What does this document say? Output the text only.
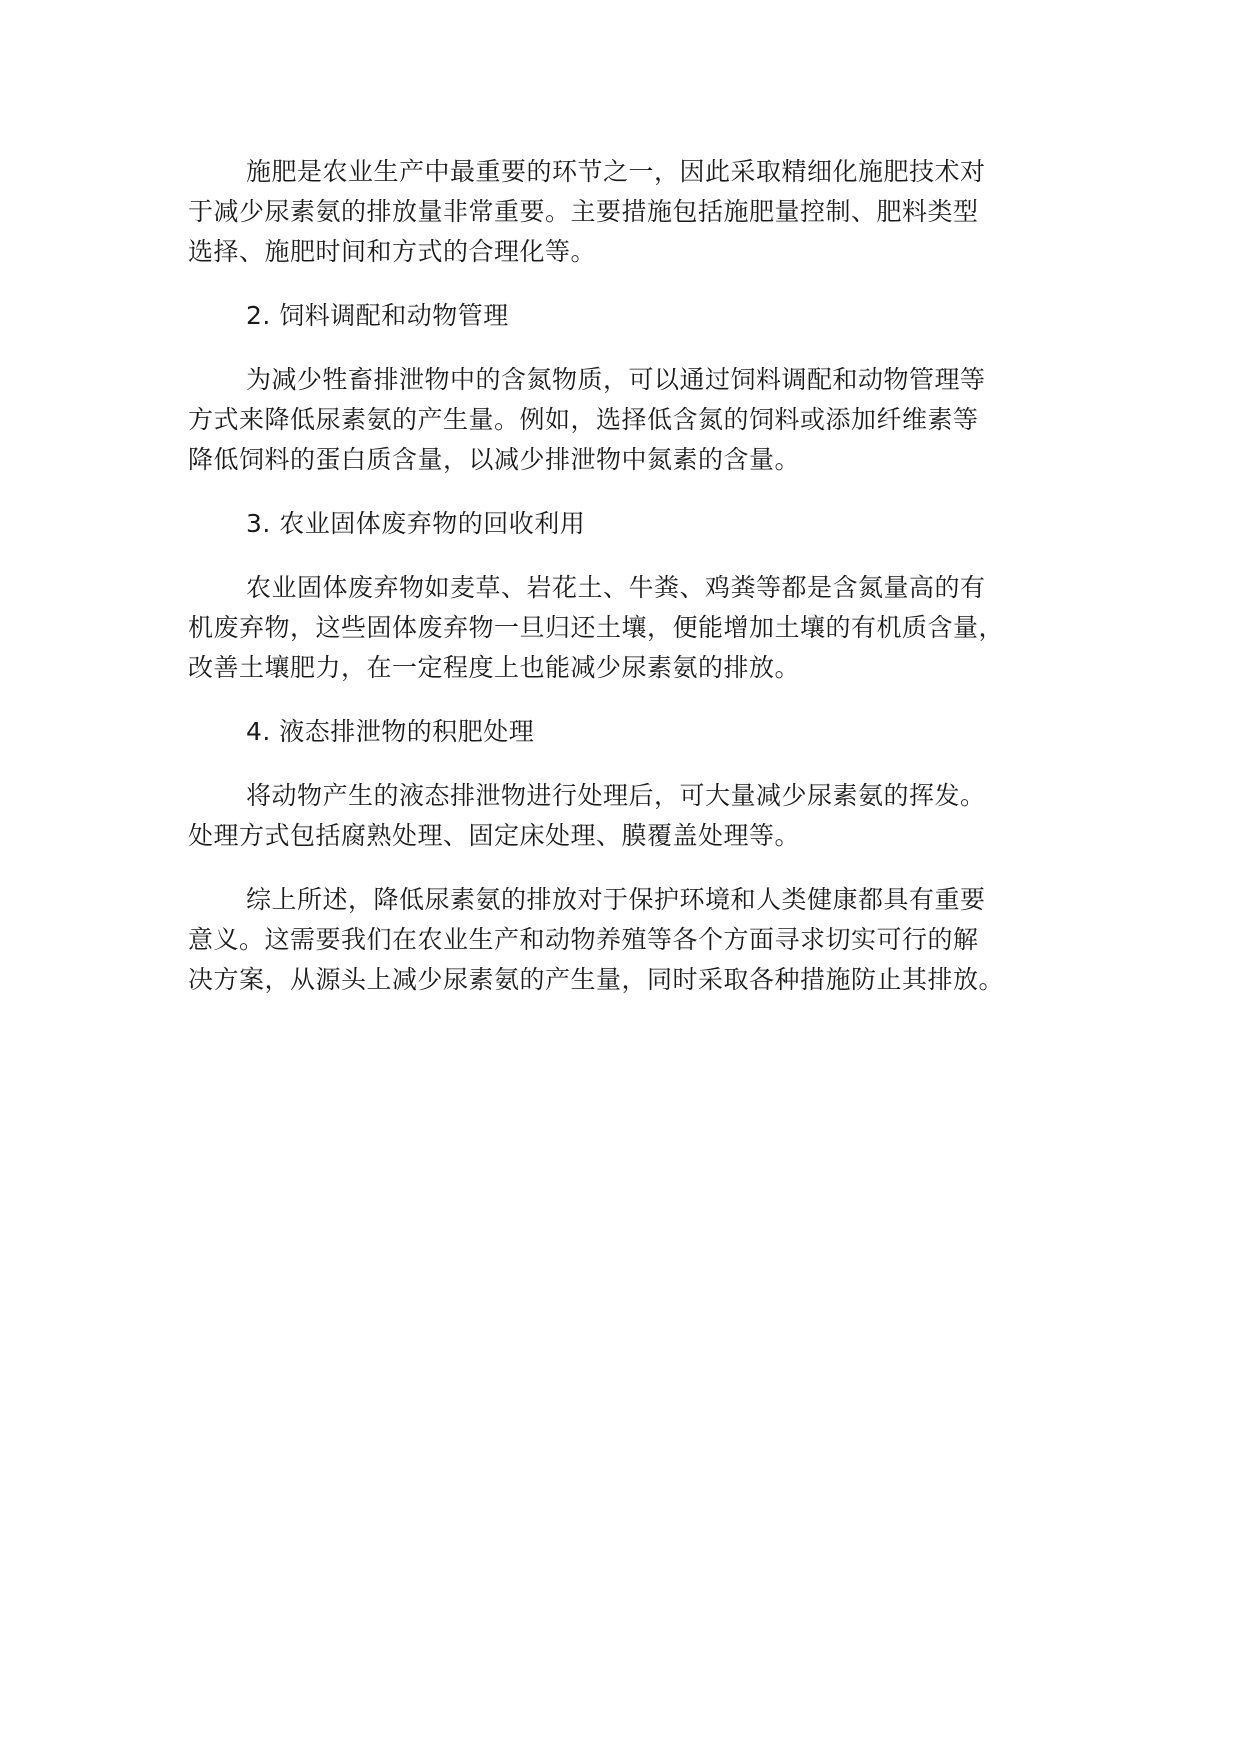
施肥是农业生产中最重要的环节之一，因此采取精细化施肥技术对
于减少尿素氨的排放量非常重要。主要措施包括施肥量控制、肥料类型
选择、施肥时间和方式的合理化等。

2. 饲料调配和动物管理

为减少牲畜排泄物中的含氮物质，可以通过饲料调配和动物管理等
方式来降低尿素氨的产生量。例如，选择低含氮的饲料或添加纤维素等
降低饲料的蛋白质含量，以减少排泄物中氮素的含量。

3. 农业固体废弃物的回收利用

农业固体废弃物如麦草、岩花土、牛粪、鸡粪等都是含氮量高的有
机废弃物，这些固体废弃物一旦归还土壤，便能增加土壤的有机质含量，
改善土壤肥力，在一定程度上也能减少尿素氨的排放。

4. 液态排泄物的积肥处理

将动物产生的液态排泄物进行处理后，可大量减少尿素氨的挥发。
处理方式包括腐熟处理、固定床处理、膜覆盖处理等。

综上所述，降低尿素氨的排放对于保护环境和人类健康都具有重要
意义。这需要我们在农业生产和动物养殖等各个方面寻求切实可行的解
决方案，从源头上减少尿素氨的产生量，同时采取各种措施防止其排放。
